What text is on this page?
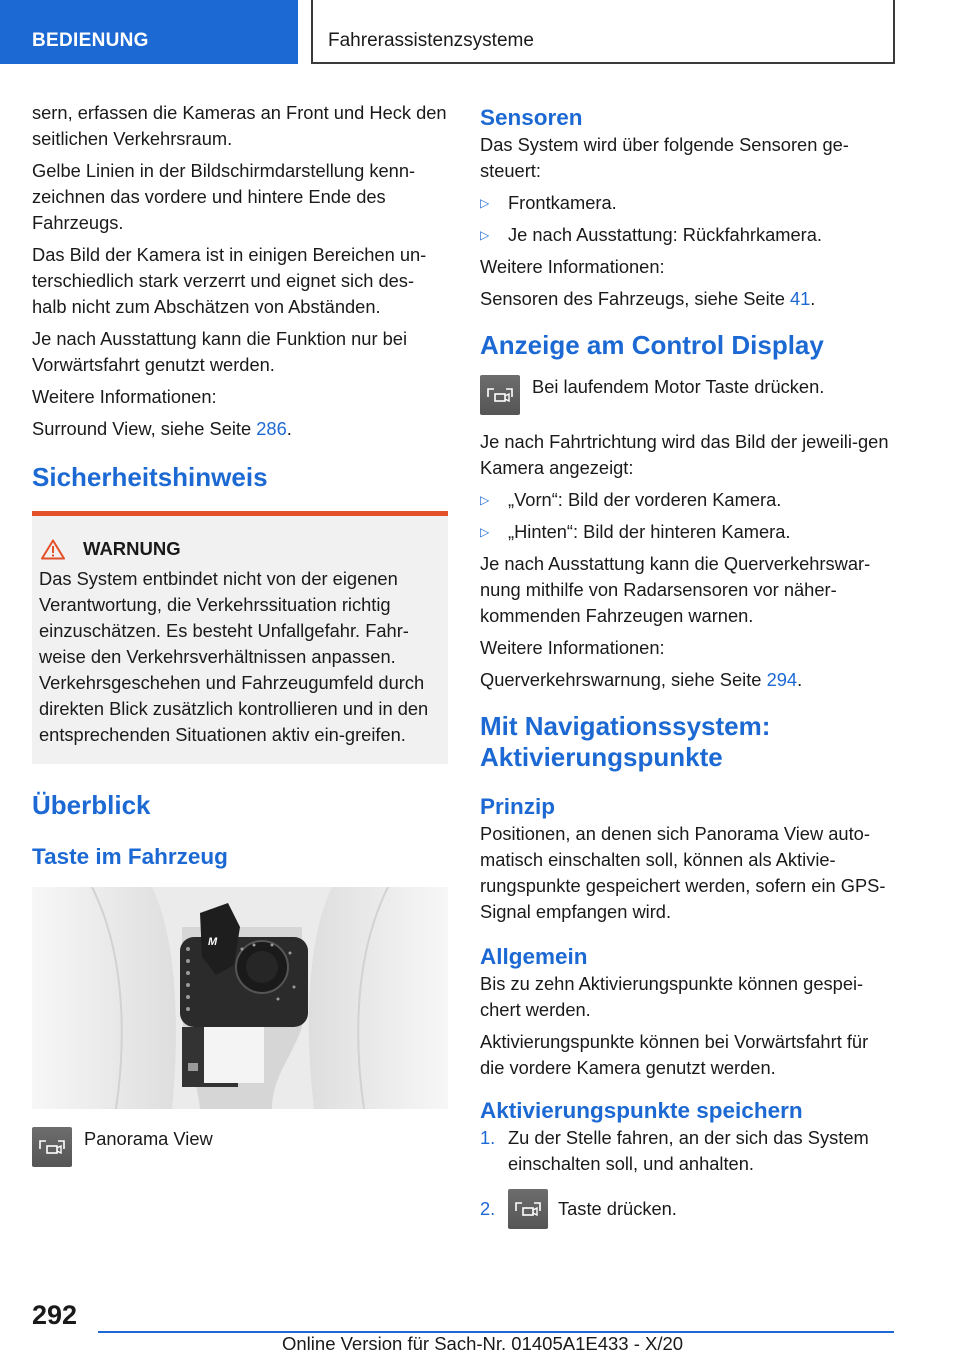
BEDIENUNG	Fahrerassistenzsysteme

sern, erfassen die Kameras an Front und Heck den seitlichen Verkehrsraum.

Gelbe Linien in der Bildschirmdarstellung kenn-zeichnen das vordere und hintere Ende des Fahrzeugs.

Das Bild der Kamera ist in einigen Bereichen un-terschiedlich stark verzerrt und eignet sich des-halb nicht zum Abschätzen von Abständen.

Je nach Ausstattung kann die Funktion nur bei Vorwärtsfahrt genutzt werden.

Weitere Informationen:

Surround View, siehe Seite 286.

Sicherheitshinweis
WARNUNG
Das System entbindet nicht von der eigenen Verantwortung, die Verkehrssituation richtig einzuschätzen. Es besteht Unfallgefahr. Fahr-weise den Verkehrsverhältnissen anpassen. Verkehrsgeschehen und Fahrzeugumfeld durch direkten Blick zusätzlich kontrollieren und in den entsprechenden Situationen aktiv ein-greifen.
Überblick
Taste im Fahrzeug
M
Panorama View
Sensoren

Das System wird über folgende Sensoren ge-steuert:

▷	Frontkamera.
▷	Je nach Ausstattung: Rückfahrkamera.

Weitere Informationen:

Sensoren des Fahrzeugs, siehe Seite 41.

Anzeige am Control Display
Bei laufendem Motor Taste drücken.

Je nach Fahrtrichtung wird das Bild der jeweili-gen Kamera angezeigt:

▷	„Vorn“: Bild der vorderen Kamera.
▷	„Hinten“: Bild der hinteren Kamera.

Je nach Ausstattung kann die Querverkehrswar-nung mithilfe von Radarsensoren vor näher-kommenden Fahrzeugen warnen.

Weitere Informationen:

Querverkehrswarnung, siehe Seite 294.

Mit Navigationssystem:
Aktivierungspunkte
Prinzip

Positionen, an denen sich Panorama View auto-matisch einschalten soll, können als Aktivie-rungspunkte gespeichert werden, sofern ein GPS-Signal empfangen wird.

Allgemein

Bis zu zehn Aktivierungspunkte können gespei-chert werden.

Aktivierungspunkte können bei Vorwärtsfahrt für die vordere Kamera genutzt werden.

Aktivierungspunkte speichern
1. Zu der Stelle fahren, an der sich das System einschalten soll, und anhalten.
2.	Taste drücken.
292
Online Version für Sach-Nr. 01405A1E433 - X/20
